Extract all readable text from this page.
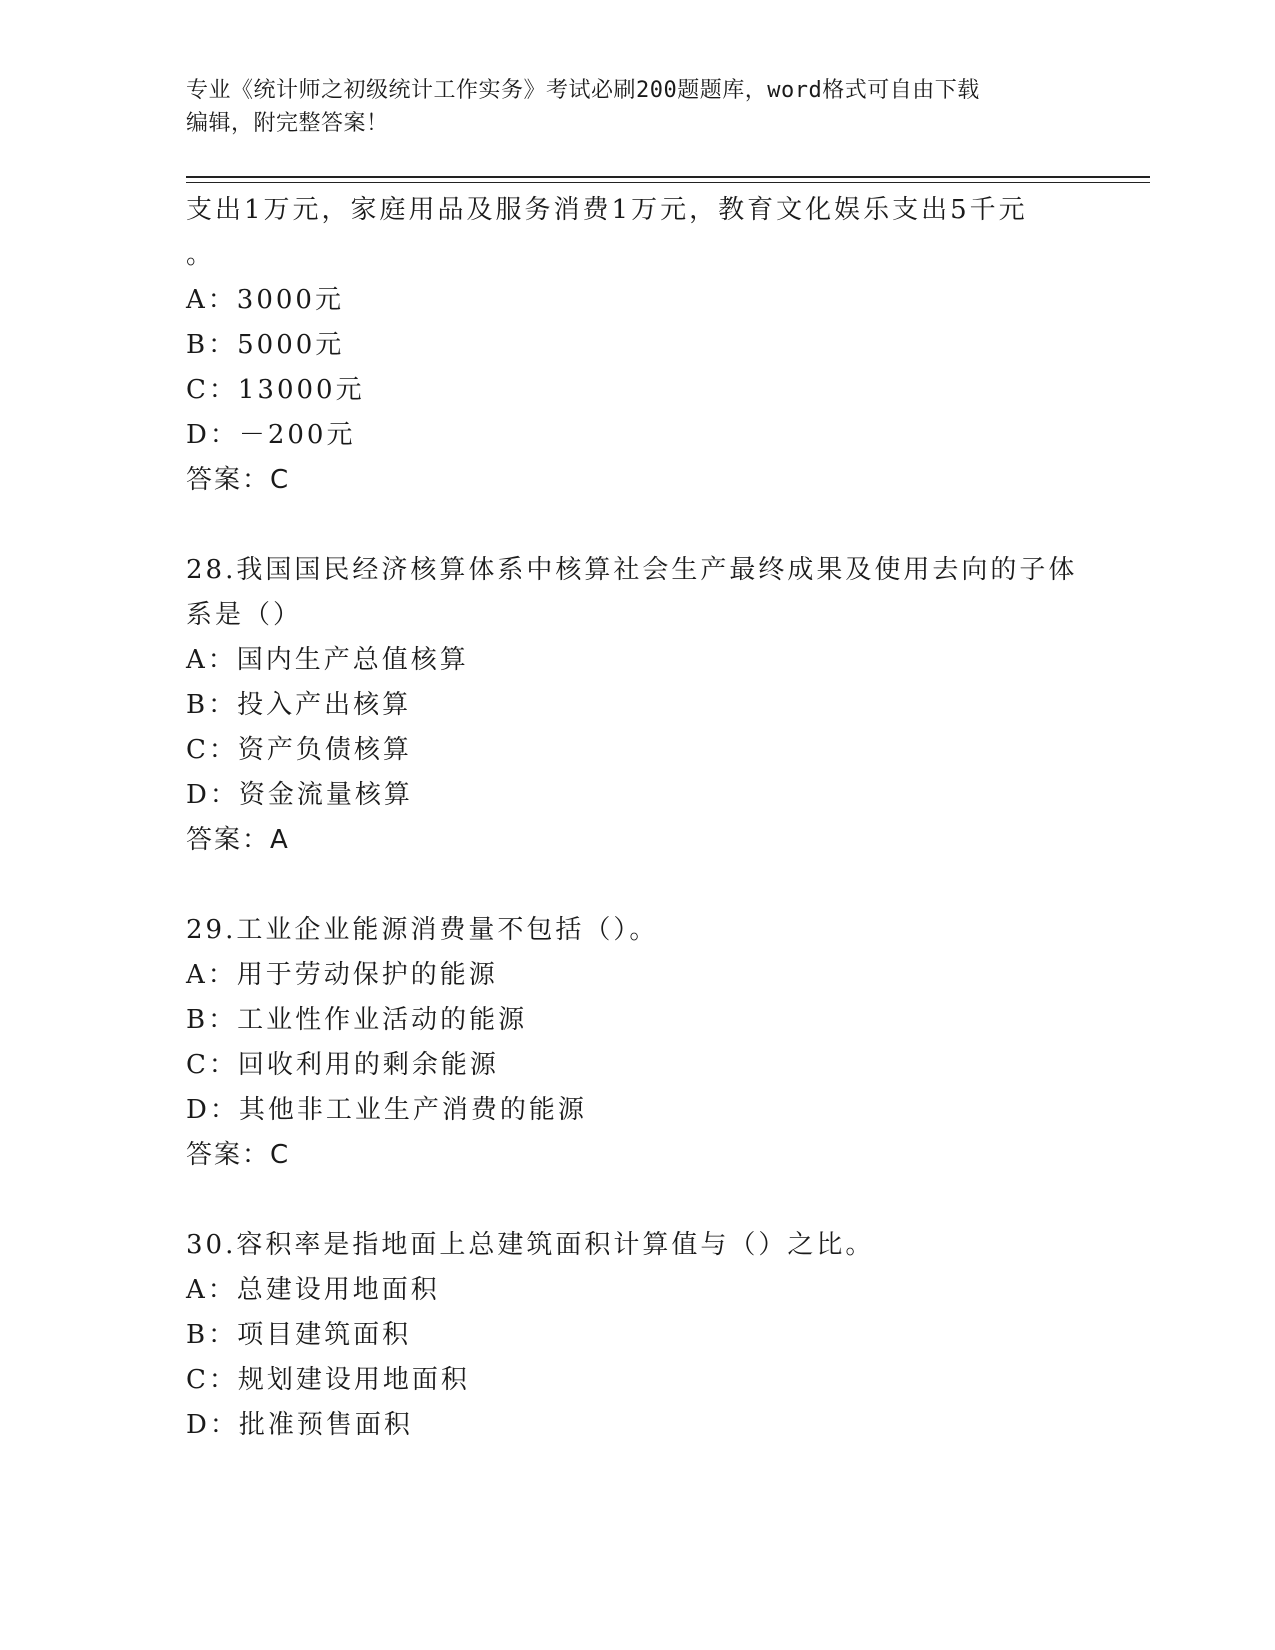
专业《统计师之初级统计工作实务》考试必刷200题题库，word格式可自由下载
编辑，附完整答案！
支出1万元，家庭用品及服务消费1万元，教育文化娱乐支出5千元
。
A：3000元
B：5000元
C：13000元
D：－200元
答案：C
28.我国国民经济核算体系中核算社会生产最终成果及使用去向的子体
系是（）
A：国内生产总值核算
B：投入产出核算
C：资产负债核算
D：资金流量核算
答案：A
29.工业企业能源消费量不包括（）。
A：用于劳动保护的能源
B：工业性作业活动的能源
C：回收利用的剩余能源
D：其他非工业生产消费的能源
答案：C
30.容积率是指地面上总建筑面积计算值与（）之比。
A：总建设用地面积
B：项目建筑面积
C：规划建设用地面积
D：批准预售面积
